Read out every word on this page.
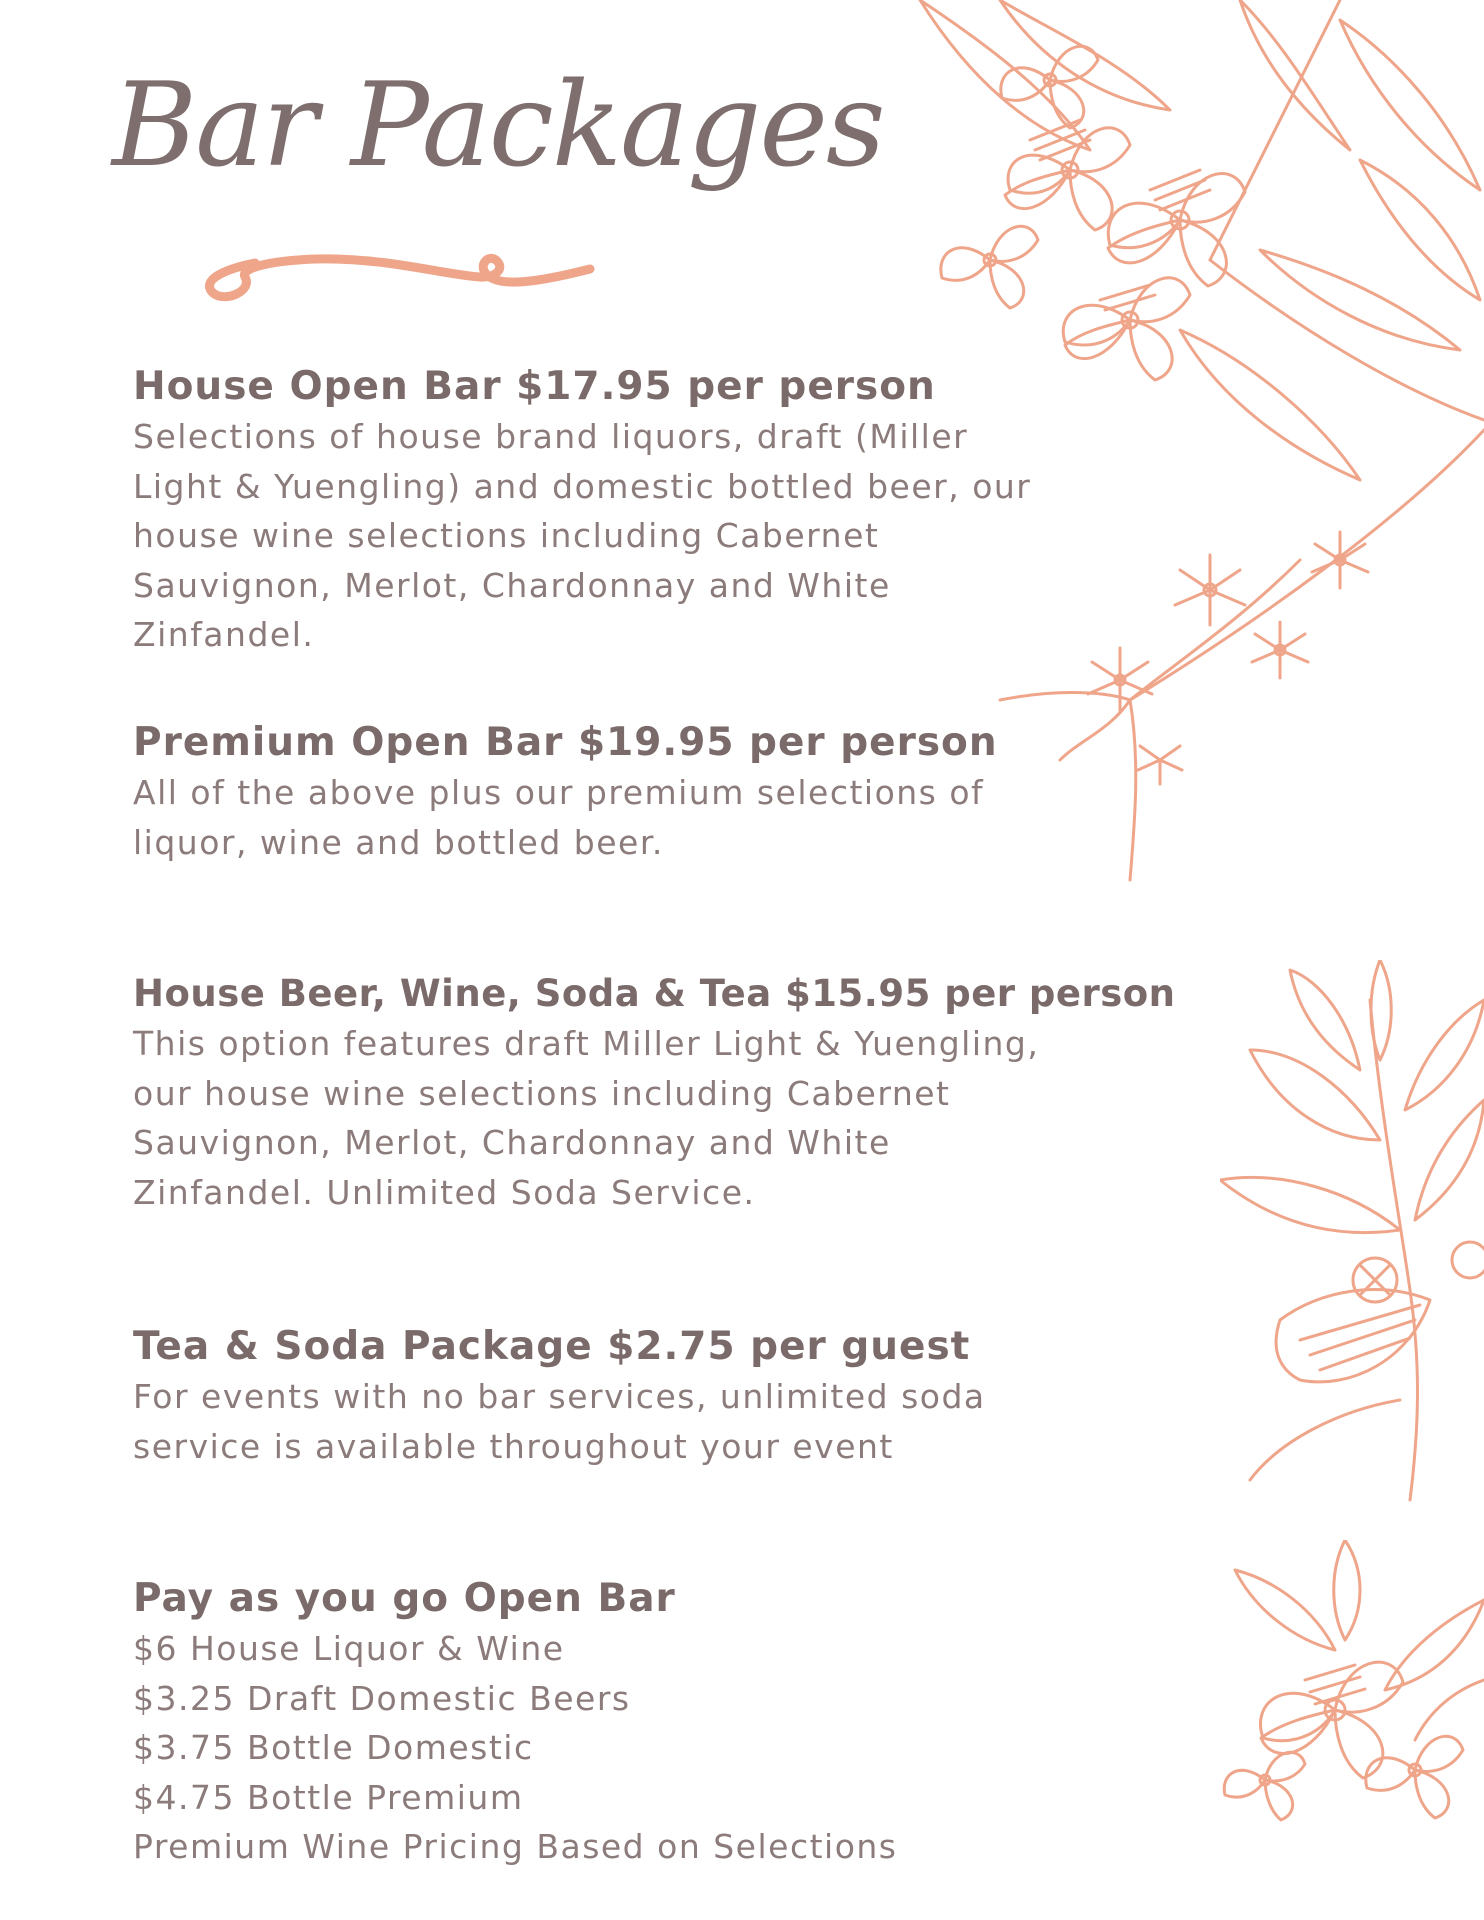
Bar Packages
House Open Bar $17.95 per person
Selections of house brand liquors, draft (Miller
Light & Yuengling) and domestic bottled beer, our
house wine selections including Cabernet
Sauvignon, Merlot, Chardonnay and White
Zinfandel.
Premium Open Bar $19.95 per person
All of the above plus our premium selections of
liquor, wine and bottled beer.
House Beer, Wine, Soda & Tea $15.95 per person
This option features draft Miller Light & Yuengling,
our house wine selections including Cabernet
Sauvignon, Merlot, Chardonnay and White
Zinfandel. Unlimited Soda Service.
Tea & Soda Package $2.75 per guest
For events with no bar services, unlimited soda
service is available throughout your event
Pay as you go Open Bar
$6 House Liquor & Wine
$3.25 Draft Domestic Beers
$3.75 Bottle Domestic
$4.75 Bottle Premium
Premium Wine Pricing Based on Selections
